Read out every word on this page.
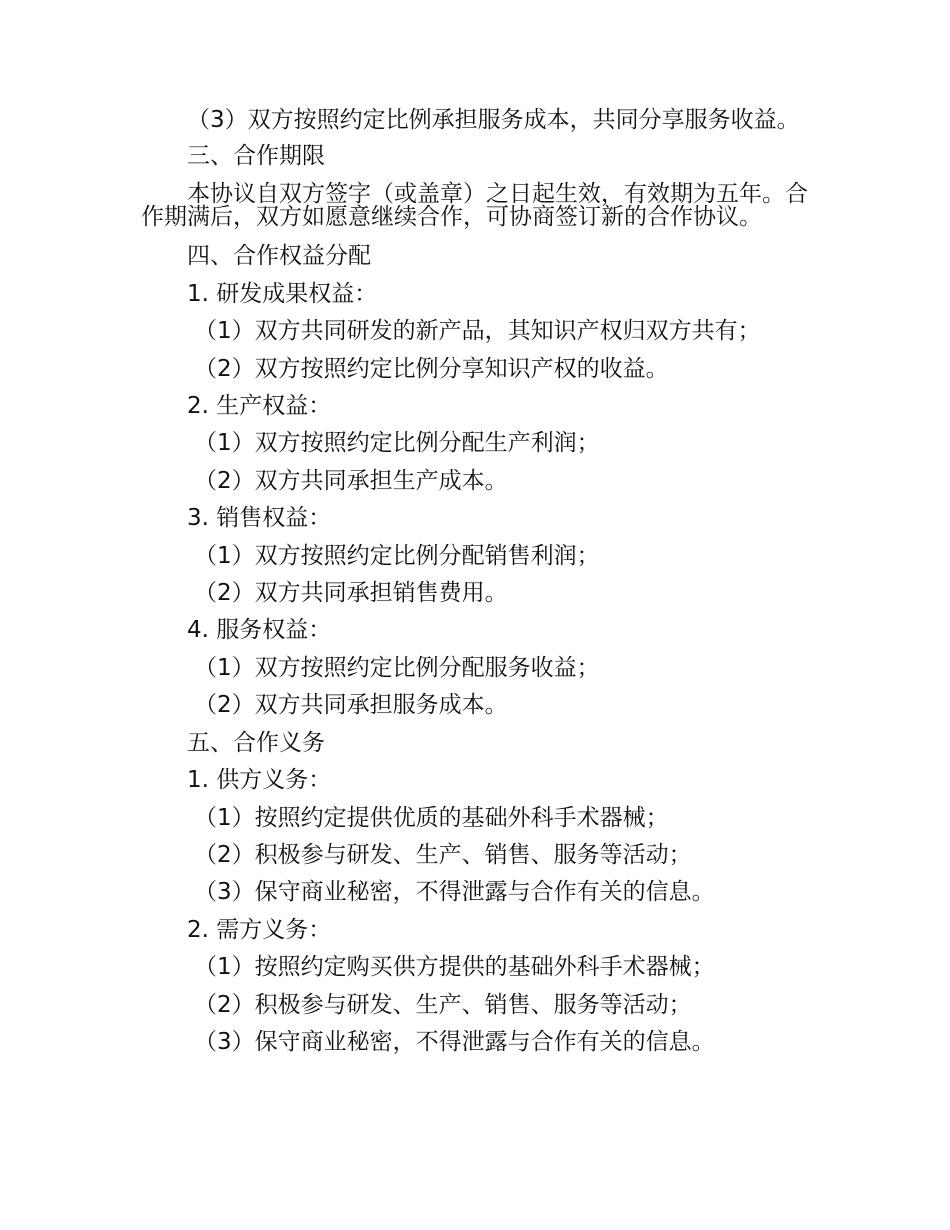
（3）双方按照约定比例承担服务成本，共同分享服务收益。

三、合作期限

本协议自双方签字（或盖章）之日起生效，有效期为五年。合作期满后，双方如愿意继续合作，可协商签订新的合作协议。

四、合作权益分配

1. 研发成果权益：

（1）双方共同研发的新产品，其知识产权归双方共有；

（2）双方按照约定比例分享知识产权的收益。

2. 生产权益：

（1）双方按照约定比例分配生产利润；

（2）双方共同承担生产成本。

3. 销售权益：

（1）双方按照约定比例分配销售利润；

（2）双方共同承担销售费用。

4. 服务权益：

（1）双方按照约定比例分配服务收益；

（2）双方共同承担服务成本。

五、合作义务

1. 供方义务：

（1）按照约定提供优质的基础外科手术器械；

（2）积极参与研发、生产、销售、服务等活动；

（3）保守商业秘密，不得泄露与合作有关的信息。

2. 需方义务：

（1）按照约定购买供方提供的基础外科手术器械；

（2）积极参与研发、生产、销售、服务等活动；

（3）保守商业秘密，不得泄露与合作有关的信息。
